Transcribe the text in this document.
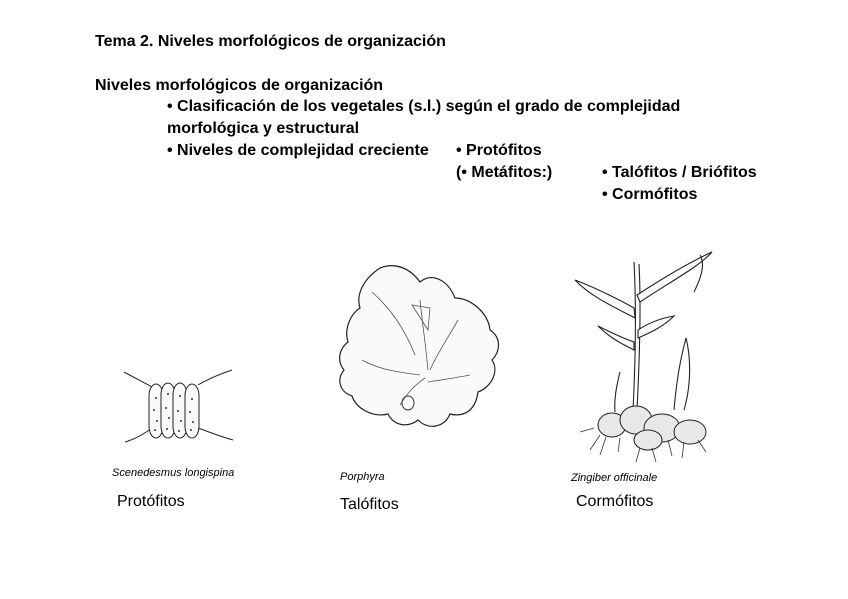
Tema 2. Niveles morfológicos de organización
Niveles morfológicos de organización
• Clasificación de los vegetales (s.l.) según el grado de complejidad
morfológica y estructural
• Niveles de complejidad creciente • Protófitos
(• Metáfitos:)	• Talófitos / Briófitos
• Cormófitos
Scenedesmus longispina	Porphyra	Zingiber officinale
Protófitos	Talófitos	Cormófitos
